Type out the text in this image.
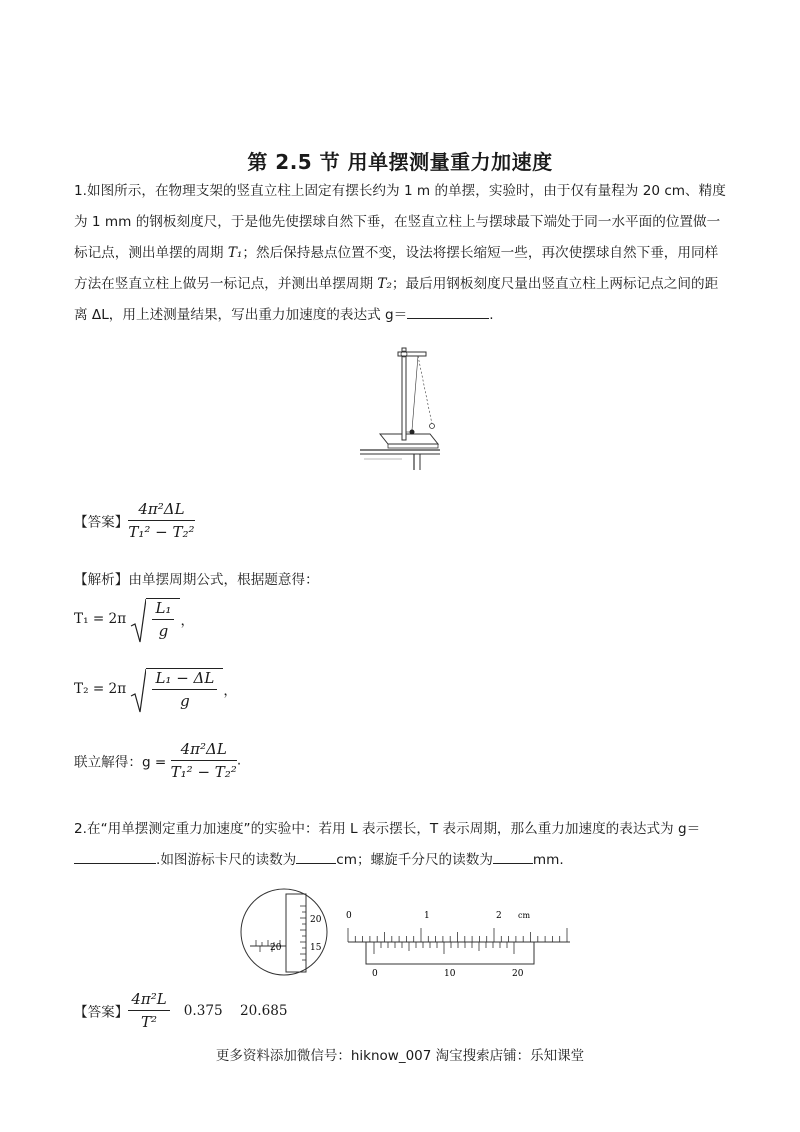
第 2.5 节 用单摆测量重力加速度

1.如图所示，在物理支架的竖直立柱上固定有摆长约为 1 m 的单摆，实验时，由于仅有量程为 20 cm、精度为 1 mm 的钢板刻度尺，于是他先使摆球自然下垂，在竖直立柱上与摆球最下端处于同一水平面的位置做一标记点，测出单摆的周期 T₁；然后保持悬点位置不变，设法将摆长缩短一些，再次使摆球自然下垂，用同样方法在竖直立柱上做另一标记点，并测出单摆周期 T₂；最后用钢板刻度尺量出竖直立柱上两标记点之间的距离 ΔL，用上述测量结果，写出重力加速度的表达式 g＝	.

【答案】 $\frac{\text{4π²ΔL}}{\text{T₁² − T₂²}}$
【解析】由单摆周期公式，根据题意得：
$T_1 = 2\pi \frac{\text{L₁}}{g}$ ，
$T_2 = 2\pi \frac{\text{L₁ − ΔL}}{g}$ ，
联立解得：$g = \frac{\text{4π²ΔL}}{\text{T₁² − T₂²}}$ .

2.在“用单摆测定重力加速度”的实验中：若用 L 表示摆长，T 表示周期，那么重力加速度的表达式为 g＝

.如图游标卡尺的读数为	cm；螺旋千分尺的读数为	mm.

20
15
20
0	1	2 cm
0	10	20
【答案】 $\frac{\text{4π²L}}{\text{T²}} 0.375$    20.685
更多资料添加微信号：hiknow_007 淘宝搜索店铺：乐知课堂
